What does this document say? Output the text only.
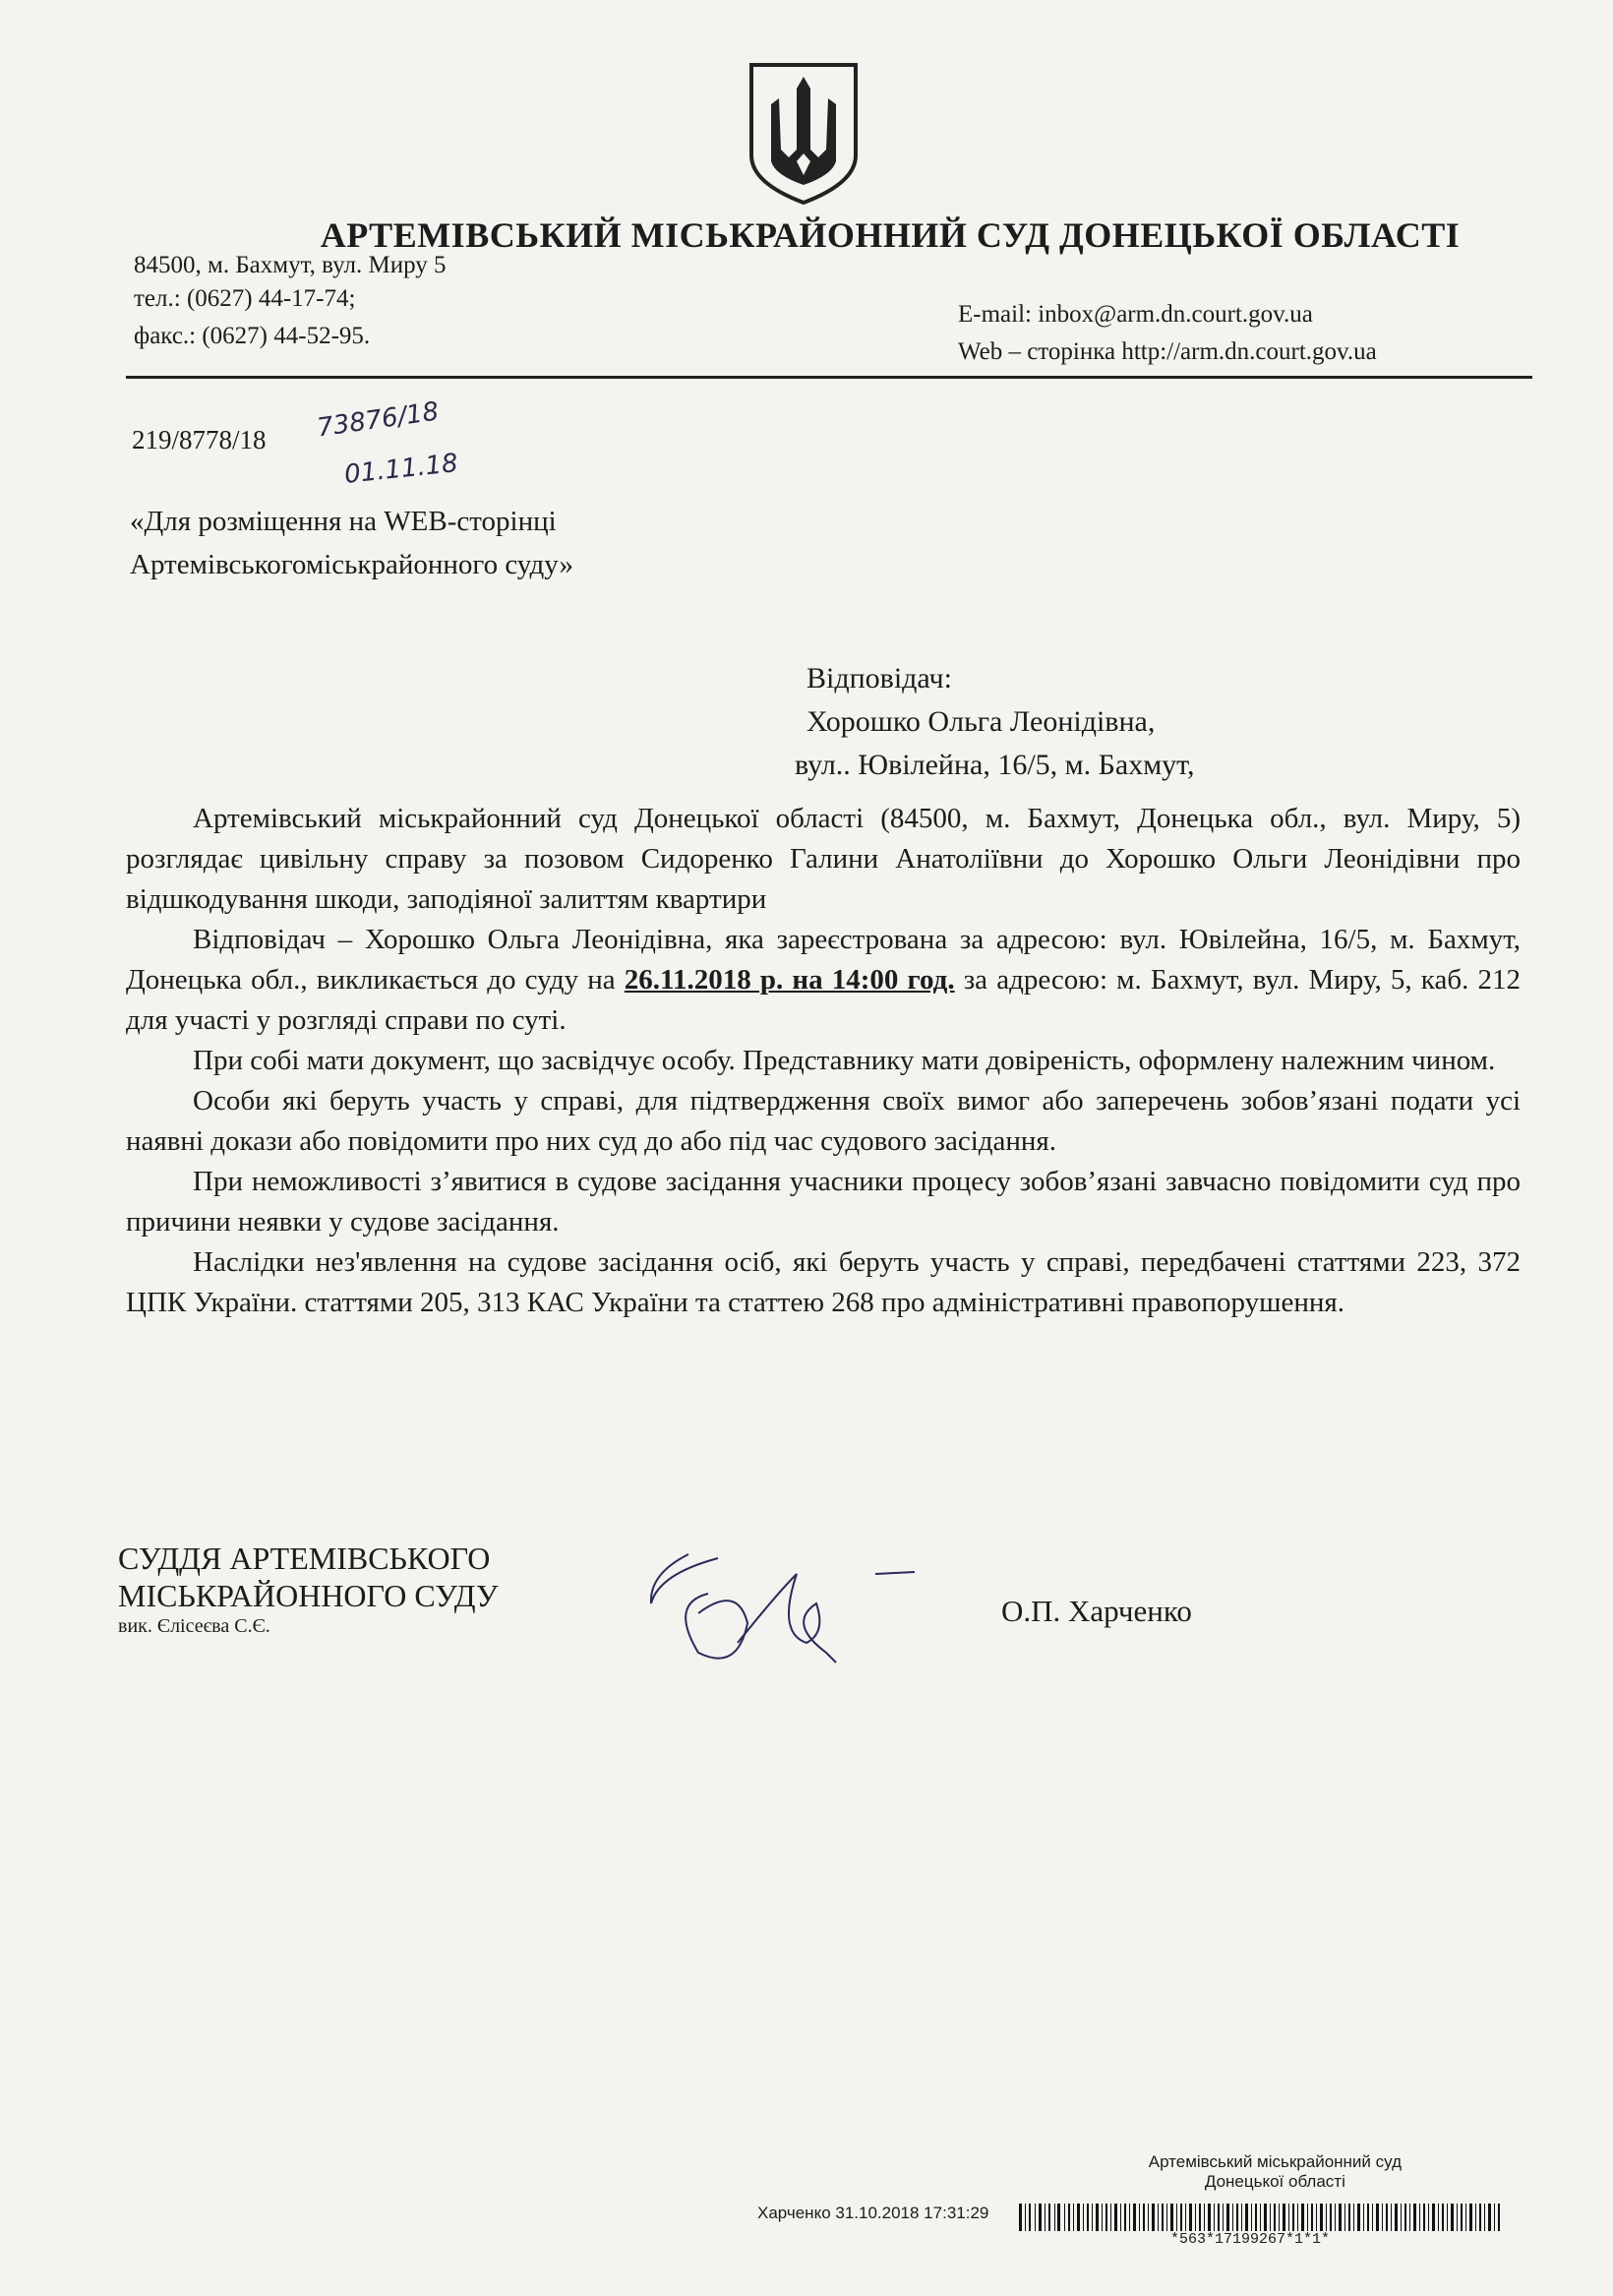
АРТЕМІВСЬКИЙ МІСЬКРАЙОННИЙ СУД ДОНЕЦЬКОЇ ОБЛАСТІ
84500, м. Бахмут, вул. Миру 5
тел.: (0627) 44-17-74;
факс.: (0627) 44-52-95.
E-mail: inbox@arm.dn.court.gov.ua
Web – сторінка http://arm.dn.court.gov.ua
219/8778/18 73876/18
01.11.18
«Для розміщення на WEB-сторінці
Артемівськогоміськрайонного суду»
Відповідач:
Хорошко Ольга Леонідівна,
вул.. Ювілейна, 16/5, м. Бахмут,

Артемівський міськрайонний суд Донецької області (84500, м. Бахмут, Донецька обл., вул. Миру, 5) розглядає цивільну справу за позовом Сидоренко Галини Анатоліївни до Хорошко Ольги Леонідівни про відшкодування шкоди, заподіяної залиттям квартири

Відповідач – Хорошко Ольга Леонідівна, яка зареєстрована за адресою: вул. Ювілейна, 16/5, м. Бахмут, Донецька обл., викликається до суду на 26.11.2018 р. на 14:00 год. за адресою: м. Бахмут, вул. Миру, 5, каб. 212 для участі у розгляді справи по суті.

При собі мати документ, що засвідчує особу. Представнику мати довіреність, оформлену належним чином.

Особи які беруть участь у справі, для підтвердження своїх вимог або заперечень зобов’язані подати усі наявні докази або повідомити про них суд до або під час судового засідання.

При неможливості з’явитися в судове засідання учасники процесу зобов’язані завчасно повідомити суд про причини неявки у судове засідання.

Наслідки нез'явлення на судове засідання осіб, які беруть участь у справі, передбачені статтями 223, 372 ЦПК України. статтями 205, 313 КАС України та статтею 268 про адміністративні правопорушення.

СУДДЯ АРТЕМІВСЬКОГО
МІСЬКРАЙОННОГО СУДУ
вик. Єлісеєва С.Є.	О.П. Харченко
Артемівський міськрайонний суд
Донецької області
Харченко 31.10.2018 17:31:29
*563*17199267*1*1*
